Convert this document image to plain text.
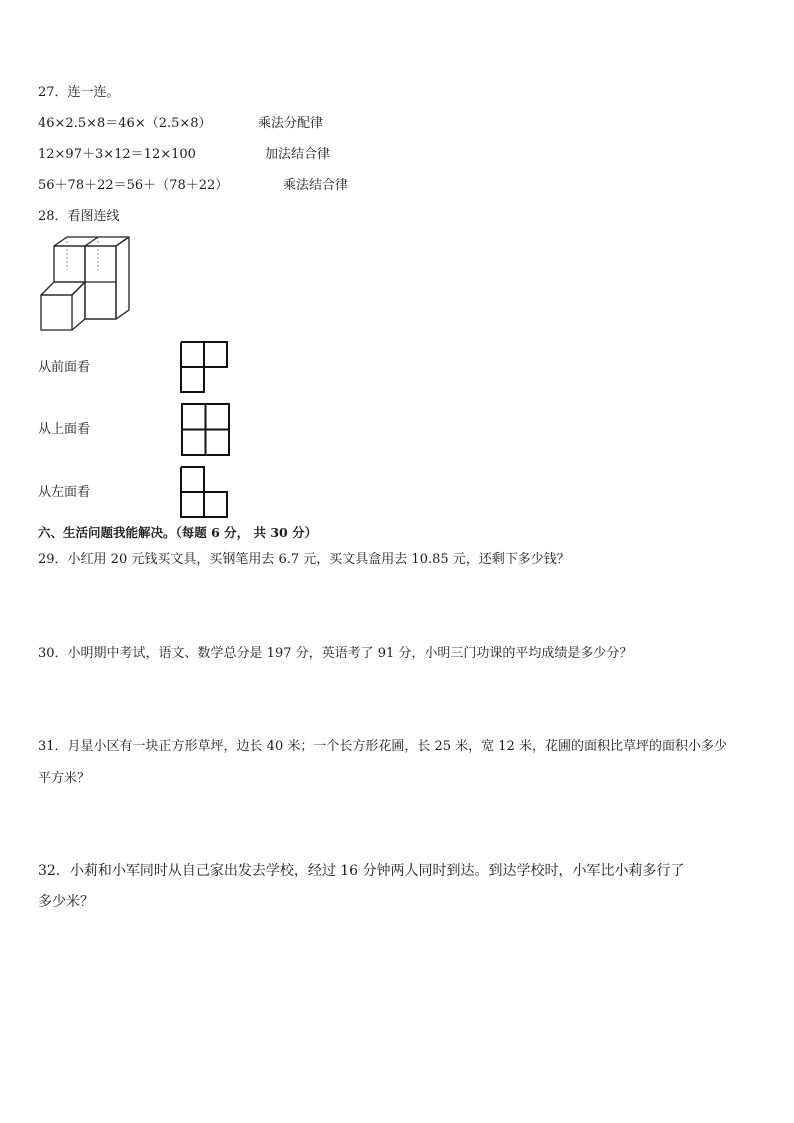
27．连一连。
46×2.5×8＝46×（2.5×8）	乘法分配律
12×97＋3×12＝12×100	加法结合律
56＋78＋22＝56＋（78＋22）	乘法结合律
28．看图连线
从前面看
从上面看
从左面看
六、生活问题我能解决。（每题 6 分， 共 30 分）
29．小红用 20 元钱买文具，买钢笔用去 6.7 元，买文具盒用去 10.85 元，还剩下多少钱？
30．小明期中考试，语文、数学总分是 197 分，英语考了 91 分，小明三门功课的平均成绩是多少分？
31．月星小区有一块正方形草坪，边长 40 米；一个长方形花圃，长 25 米，宽 12 米，花圃的面积比草坪的面积小多少
平方米？
32．小莉和小军同时从自己家出发去学校，经过 16 分钟两人同时到达。到达学校时，小军比小莉多行了
多少米？
